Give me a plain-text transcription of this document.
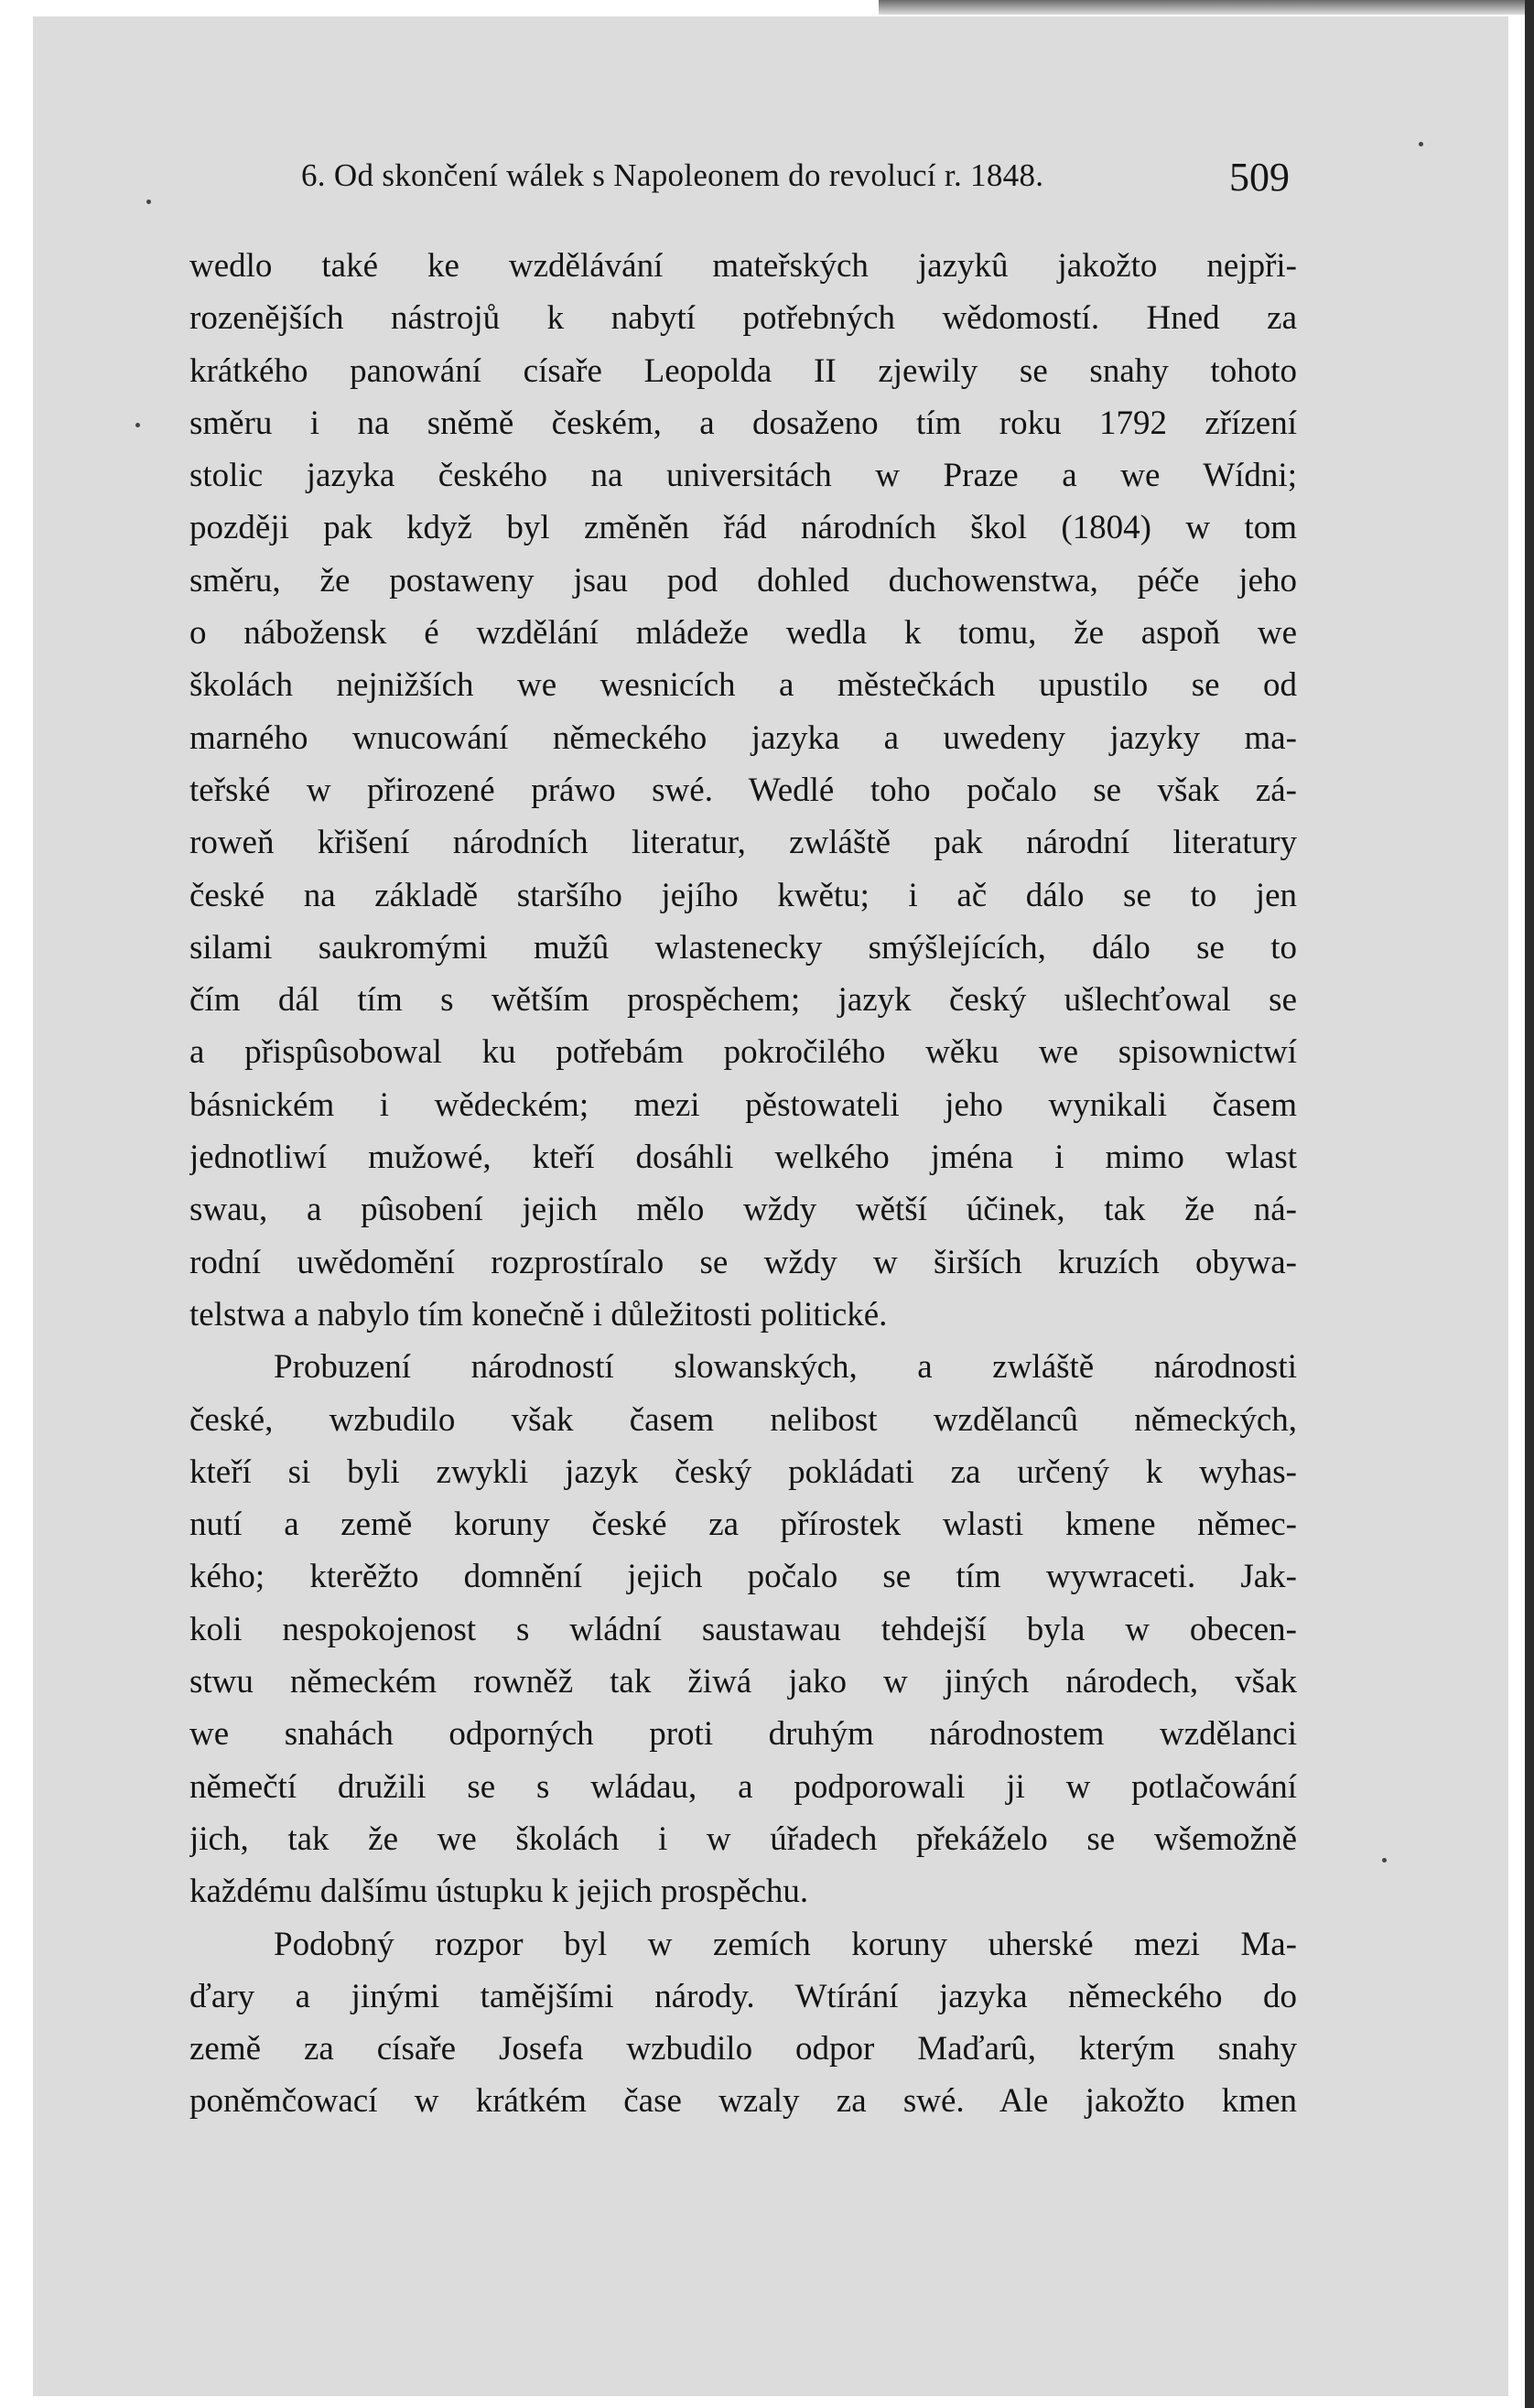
6. Od skončení wálek s Napoleonem do revolucí r. 1848.	509
wedlo také ke wzdělávání mateřských jazykû jakožto nejpři-
rozenějších nástrojů k nabytí potřebných wědomostí. Hned za
krátkého panowání císaře Leopolda II zjewily se snahy tohoto
směru i na sněmě českém, a dosaženo tím roku 1792 zřízení
stolic jazyka českého na universitách w Praze a we Wídni;
později pak když byl změněn řád národních škol (1804) w tom
směru, že postaweny jsau pod dohled duchowenstwa, péče jeho
o nábožensk é wzdělání mládeže wedla k tomu, že aspoň we
školách nejnižších we wesnicích a městečkách upustilo se od
marného wnucowání německého jazyka a uwedeny jazyky ma-
teřské w přirozené práwo swé. Wedlé toho počalo se však zá-
roweň křišení národních literatur, zwláště pak národní literatury
české na základě staršího jejího kwětu; i ač dálo se to jen
silami saukromými mužû wlastenecky smýšlejících, dálo se to
čím dál tím s wětším prospěchem; jazyk český ušlechťowal se
a přispûsobowal ku potřebám pokročilého wěku we spisownictwí
básnickém i wědeckém; mezi pěstowateli jeho wynikali časem
jednotliwí mužowé, kteří dosáhli welkého jména i mimo wlast
swau, a pûsobení jejich mělo wždy wětší účinek, tak že ná-
rodní uwědomění rozprostíralo se wždy w širších kruzích obywa-
telstwa a nabylo tím konečně i důležitosti politické.
Probuzení národností slowanských, a zwláště národnosti
české, wzbudilo však časem nelibost wzdělancû německých,
kteří si byli zwykli jazyk český pokládati za určený k wyhas-
nutí a země koruny české za přírostek wlasti kmene němec-
kého; kterěžto domnění jejich počalo se tím wywraceti. Jak-
koli nespokojenost s wládní saustawau tehdejší byla w obecen-
stwu německém rowněž tak žiwá jako w jiných národech, však
we snahách odporných proti druhým národnostem wzdělanci
němečtí družili se s wládau, a podporowali ji w potlačowání
jich, tak že we školách i w úřadech překáželo se wšemožně
každému dalšímu ústupku k jejich prospěchu.
Podobný rozpor byl w zemích koruny uherské mezi Ma-
ďary a jinými tamějšími národy. Wtírání jazyka německého do
země za císaře Josefa wzbudilo odpor Maďarû, kterým snahy
poněmčowací w krátkém čase wzaly za swé. Ale jakožto kmen
